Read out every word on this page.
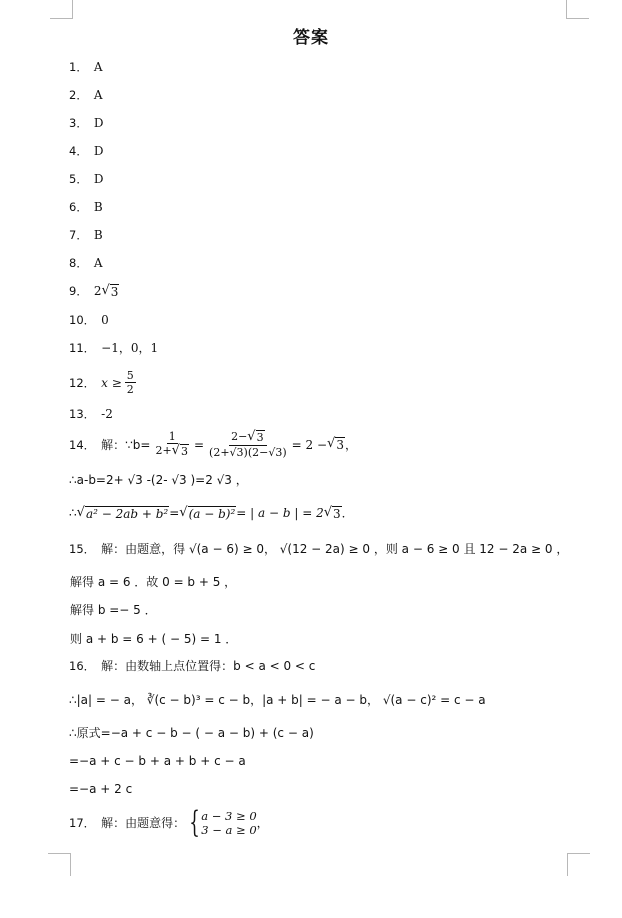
答案
1． A
2． A
3． D
4． D
5． D
6． B
7． B
8． A
9． 2 √ 3
10． 0
11． −1，0，1
12． $x \ge \frac{5}{2}$
13． -2
14． 解：∵b= $\frac{1}{2+ √ 3} = \frac{2- √ 3}{(2+√3)(2-√3)} = 2$ − √ 3 ，
∴a-b=2+ √3 -(2- √3 )=2 √3 ，
∴ √ a² − 2ab + b² = √ (a − b)² = | a − b | = 2 √ 3 ．
15． 解：由题意，得 √(a − 6) ≥ 0， √(12 − 2a) ≥ 0 ，则 a − 6 ≥ 0 且 12 − 2a ≥ 0 ，
解得 a = 6 ．故 0 = b + 5 ，
解得 b =− 5 ．
则 a + b = 6 + ( − 5) = 1 ．
16． 解：由数轴上点位置得：b < a < 0 < c
∴|a| = − a， ∛(c − b)³ = c − b，|a + b| = − a − b， √(a − c)² = c − a
∴原式=−a + c − b − ( − a − b) + (c − a)
=−a + c − b + a + b + c − a
=−a + 2 c
17． 解：由题意得： { a − 3 ≥ 0
3 − a ≥ 0 ，
